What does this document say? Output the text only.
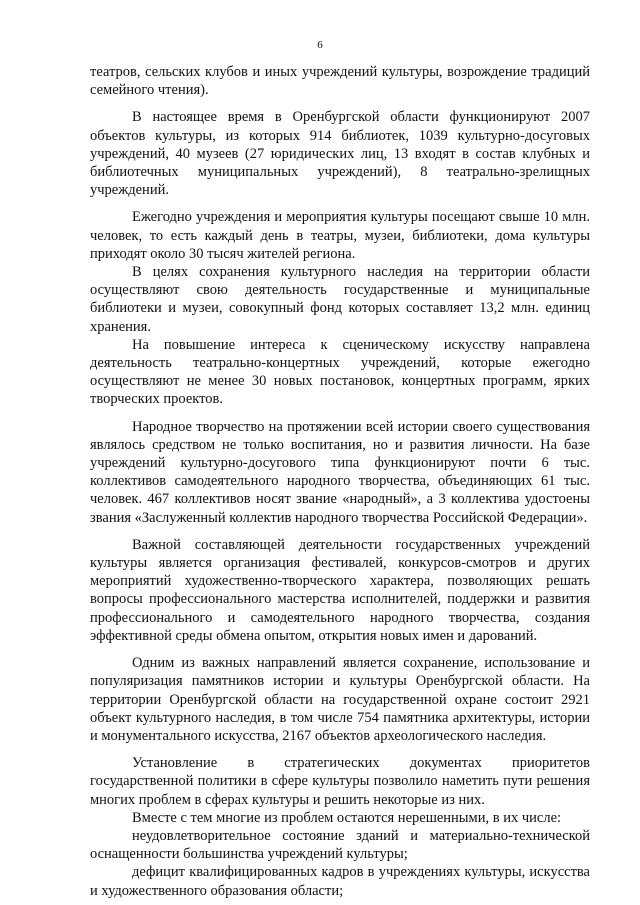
6

театров, сельских клубов и иных учреждений культуры, возрождение традиций семейного чтения).

В настоящее время в Оренбургской области функционируют 2007 объектов культуры, из которых 914 библиотек, 1039 культурно-досуговых учреждений, 40 музеев (27 юридических лиц, 13 входят в состав клубных и библиотечных муниципальных учреждений), 8 театрально-зрелищных учреждений.

Ежегодно учреждения и мероприятия культуры посещают свыше 10 млн. человек, то есть каждый день в театры, музеи, библиотеки, дома культуры приходят около 30 тысяч жителей региона.

В целях сохранения культурного наследия на территории области осуществляют свою деятельность государственные и муниципальные библиотеки и музеи, совокупный фонд которых составляет 13,2 млн. единиц хранения.

На повышение интереса к сценическому искусству направлена деятельность театрально-концертных учреждений, которые ежегодно осуществляют не менее 30 новых постановок, концертных программ, ярких творческих проектов.

Народное творчество на протяжении всей истории своего существования являлось средством не только воспитания, но и развития личности. На базе учреждений культурно-досугового типа функционируют почти 6 тыс. коллективов самодеятельного народного творчества, объединяющих 61 тыс. человек. 467 коллективов носят звание «народный», а 3 коллектива удостоены звания «Заслуженный коллектив народного творчества Российской Федерации».

Важной составляющей деятельности государственных учреждений культуры является организация фестивалей, конкурсов-смотров и других мероприятий художественно-творческого характера, позволяющих решать вопросы профессионального мастерства исполнителей, поддержки и развития профессионального и самодеятельного народного творчества, создания эффективной среды обмена опытом, открытия новых имен и дарований.

Одним из важных направлений является сохранение, использование и популяризация памятников истории и культуры Оренбургской области. На территории Оренбургской области на государственной охране состоит 2921 объект культурного наследия, в том числе 754 памятника архитектуры, истории и монументального искусства, 2167 объектов археологического наследия.

Установление в стратегических документах приоритетов государственной политики в сфере культуры позволило наметить пути решения многих проблем в сферах культуры и решить некоторые из них.

Вместе с тем многие из проблем остаются нерешенными, в их числе:

неудовлетворительное состояние зданий и материально-технической оснащенности большинства учреждений культуры;

дефицит квалифицированных кадров в учреждениях культуры, искусства и художественного образования области;
